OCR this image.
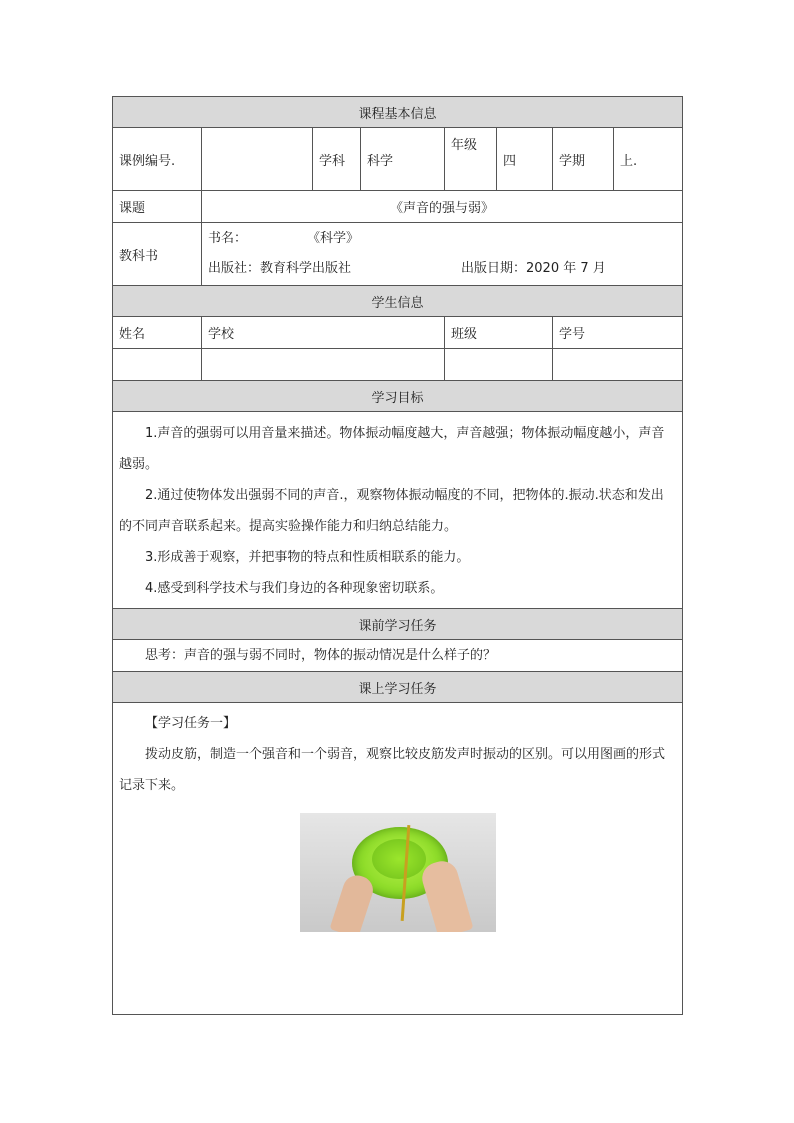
课程基本信息							
课例编号.		学科	科学	年级	四	学期	上.
课题	《声音的强与弱》						
教科书	书名： 《科学》
出版社：教育科学出版社 出版日期：2020 年 7 月						

学生信息							
姓名	学校			班级		学号	

学习目标							

1.声音的强弱可以用音量来描述。物体振动幅度越大，声音越强；物体振动幅度越小，声音越弱。

2.通过使物体发出强弱不同的声音.，观察物体振动幅度的不同，把物体的.振动.状态和发出的不同声音联系起来。提高实验操作能力和归纳总结能力。

3.形成善于观察，并把事物的特点和性质相联系的能力。

4.感受到科学技术与我们身边的各种现象密切联系。							

课前学习任务							

思考：声音的强与弱不同时，物体的振动情况是什么样子的？							

课上学习任务							

【学习任务一】

拨动皮筋，制造一个强音和一个弱音，观察比较皮筋发声时振动的区别。可以用图画的形式记录下来。							
